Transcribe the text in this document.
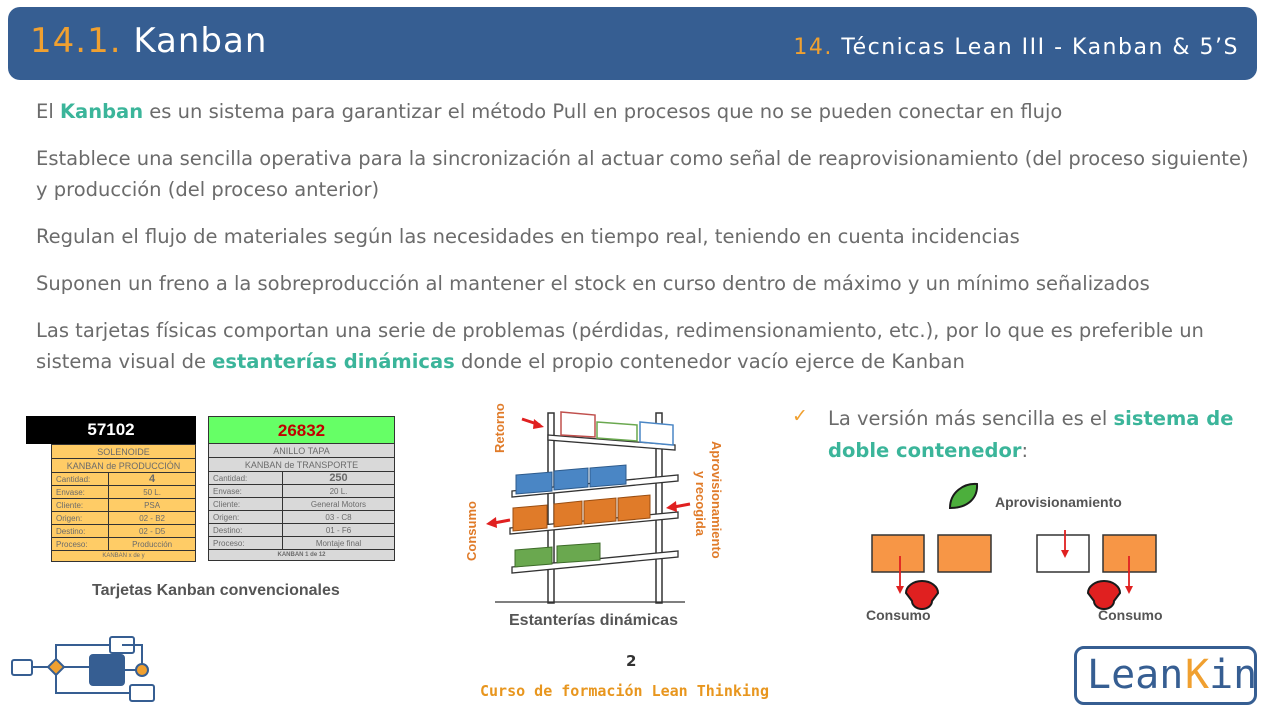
14.1. Kanban	14. Técnicas Lean III - Kanban & 5’S
El Kanban es un sistema para garantizar el método Pull en procesos que no se pueden conectar en flujo
Establece una sencilla operativa para la sincronización al actuar como señal de reaprovisionamiento (del proceso siguiente) y producción (del proceso anterior)
Regulan el flujo de materiales según las necesidades en tiempo real, teniendo en cuenta incidencias
Suponen un freno a la sobreproducción al mantener el stock en curso dentro de máximo y un mínimo señalizados
Las tarjetas físicas comportan una serie de problemas (pérdidas, redimensionamiento, etc.), por lo que es preferible un sistema visual de estanterías dinámicas donde el propio contenedor vacío ejerce de Kanban
57102
SOLENOIDE
KANBAN de PRODUCCIÓN
Cantidad:	4
Envase:	50 L.
Cliente:	PSA
Origen:	02 - B2
Destino:	02 - D5
Proceso:	Producción
KANBAN x de y
26832
ANILLO TAPA
KANBAN de TRANSPORTE
Cantidad:	250
Envase:	20 L.
Cliente:	General Motors
Origen:	03 - C8
Destino:	01 - F6
Proceso:	Montaje final
KANBAN 1 de 12
Tarjetas Kanban convencionales
Retorno
Consumo	Aprovisionamiento
y recogida
Estanterías dinámicas
✓ La versión más sencilla es el sistema de doble contenedor:
Aprovisionamiento
Consumo	Consumo
2
Curso de formación Lean Thinking	Lean Kin
